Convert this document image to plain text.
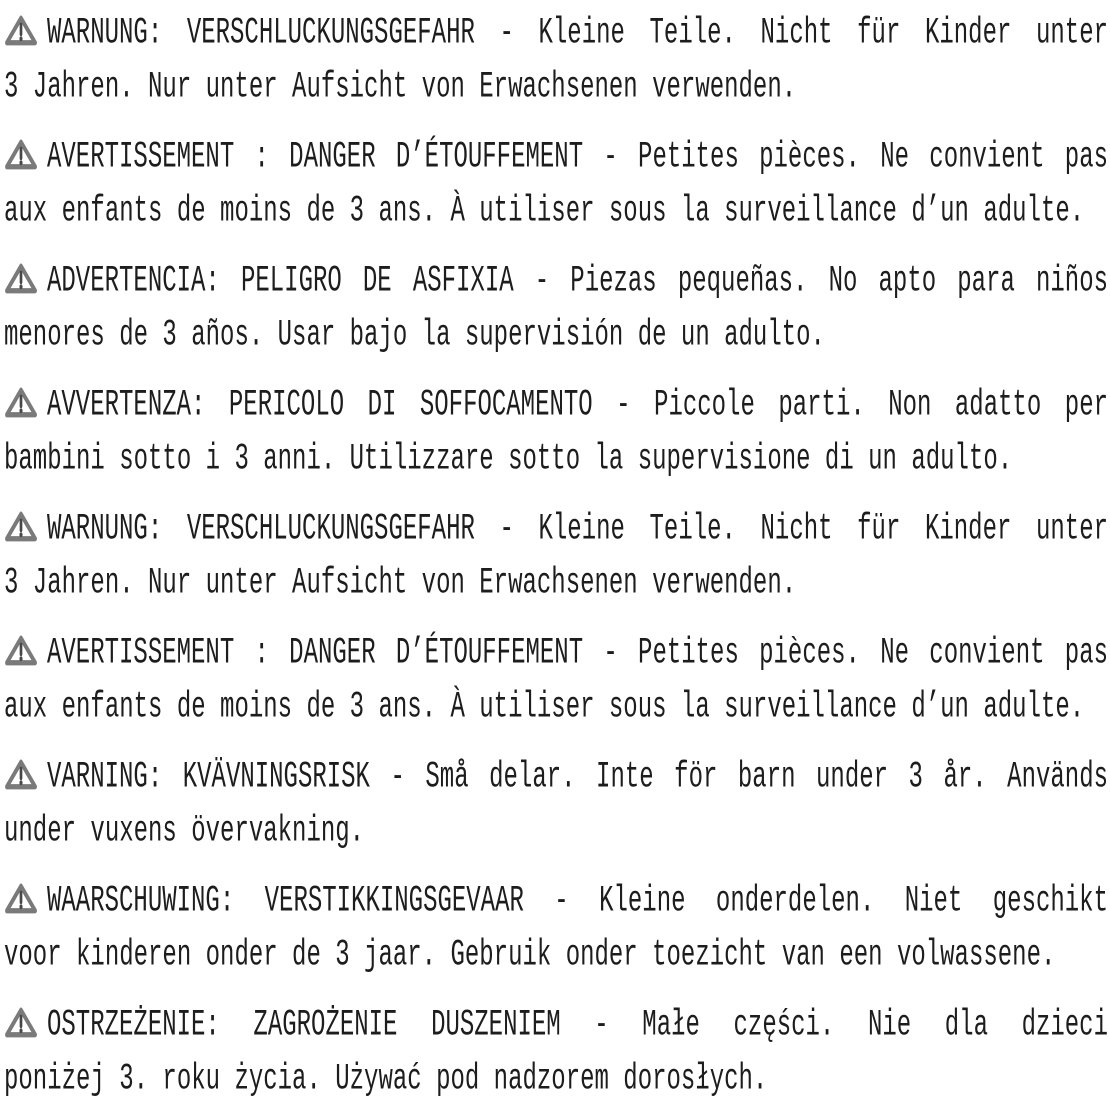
WARNUNG: VERSCHLUCKUNGSGEFAHR - Kleine Teile. Nicht für Kinder unter 3 Jahren. Nur unter Aufsicht von Erwachsenen verwenden.

AVERTISSEMENT : DANGER D’ÉTOUFFEMENT - Petites pièces. Ne convient pas aux enfants de moins de 3 ans. À utiliser sous la surveillance d’un adulte.

ADVERTENCIA: PELIGRO DE ASFIXIA - Piezas pequeñas. No apto para niños menores de 3 años. Usar bajo la supervisión de un adulto.

AVVERTENZA: PERICOLO DI SOFFOCAMENTO - Piccole parti. Non adatto per bambini sotto i 3 anni. Utilizzare sotto la supervisione di un adulto.

WARNUNG: VERSCHLUCKUNGSGEFAHR - Kleine Teile. Nicht für Kinder unter 3 Jahren. Nur unter Aufsicht von Erwachsenen verwenden.

AVERTISSEMENT : DANGER D’ÉTOUFFEMENT - Petites pièces. Ne convient pas aux enfants de moins de 3 ans. À utiliser sous la surveillance d’un adulte.

VARNING: KVÄVNINGSRISK - Små delar. Inte för barn under 3 år. Används under vuxens övervakning.

WAARSCHUWING: VERSTIKKINGSGEVAAR - Kleine onderdelen. Niet geschikt voor kinderen onder de 3 jaar. Gebruik onder toezicht van een volwassene.

OSTRZEŻENIE: ZAGROŻENIE DUSZENIEM - Małe części. Nie dla dzieci poniżej 3. roku życia. Używać pod nadzorem dorosłych.
